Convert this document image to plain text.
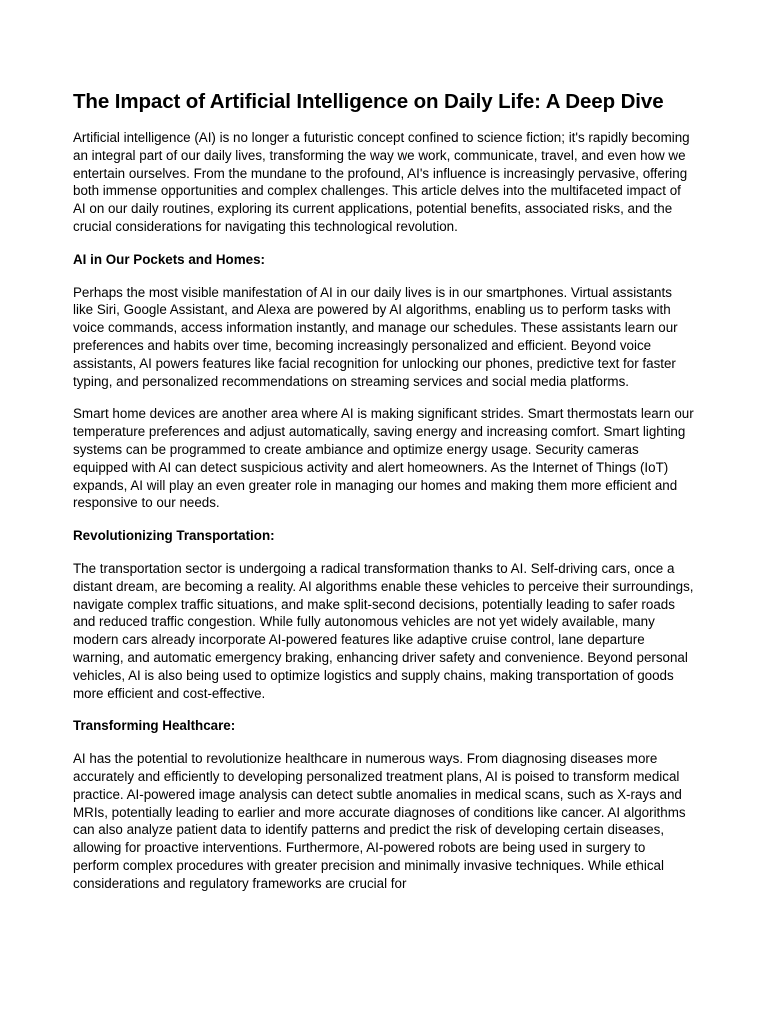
The Impact of Artificial Intelligence on Daily Life: A Deep Dive

Artificial intelligence (AI) is no longer a futuristic concept confined to science fiction; it's rapidly becoming an integral part of our daily lives, transforming the way we work, communicate, travel, and even how we entertain ourselves. From the mundane to the profound, AI's influence is increasingly pervasive, offering both immense opportunities and complex challenges. This article delves into the multifaceted impact of AI on our daily routines, exploring its current applications, potential benefits, associated risks, and the crucial considerations for navigating this technological revolution.

AI in Our Pockets and Homes:

Perhaps the most visible manifestation of AI in our daily lives is in our smartphones. Virtual assistants like Siri, Google Assistant, and Alexa are powered by AI algorithms, enabling us to perform tasks with voice commands, access information instantly, and manage our schedules. These assistants learn our preferences and habits over time, becoming increasingly personalized and efficient. Beyond voice assistants, AI powers features like facial recognition for unlocking our phones, predictive text for faster typing, and personalized recommendations on streaming services and social media platforms.

Smart home devices are another area where AI is making significant strides. Smart thermostats learn our temperature preferences and adjust automatically, saving energy and increasing comfort. Smart lighting systems can be programmed to create ambiance and optimize energy usage. Security cameras equipped with AI can detect suspicious activity and alert homeowners. As the Internet of Things (IoT) expands, AI will play an even greater role in managing our homes and making them more efficient and responsive to our needs.

Revolutionizing Transportation:

The transportation sector is undergoing a radical transformation thanks to AI. Self-driving cars, once a distant dream, are becoming a reality. AI algorithms enable these vehicles to perceive their surroundings, navigate complex traffic situations, and make split-second decisions, potentially leading to safer roads and reduced traffic congestion. While fully autonomous vehicles are not yet widely available, many modern cars already incorporate AI-powered features like adaptive cruise control, lane departure warning, and automatic emergency braking, enhancing driver safety and convenience. Beyond personal vehicles, AI is also being used to optimize logistics and supply chains, making transportation of goods more efficient and cost-effective.

Transforming Healthcare:

AI has the potential to revolutionize healthcare in numerous ways. From diagnosing diseases more accurately and efficiently to developing personalized treatment plans, AI is poised to transform medical practice. AI-powered image analysis can detect subtle anomalies in medical scans, such as X-rays and MRIs, potentially leading to earlier and more accurate diagnoses of conditions like cancer. AI algorithms can also analyze patient data to identify patterns and predict the risk of developing certain diseases, allowing for proactive interventions. Furthermore, AI-powered robots are being used in surgery to perform complex procedures with greater precision and minimally invasive techniques. While ethical considerations and regulatory frameworks are crucial for
